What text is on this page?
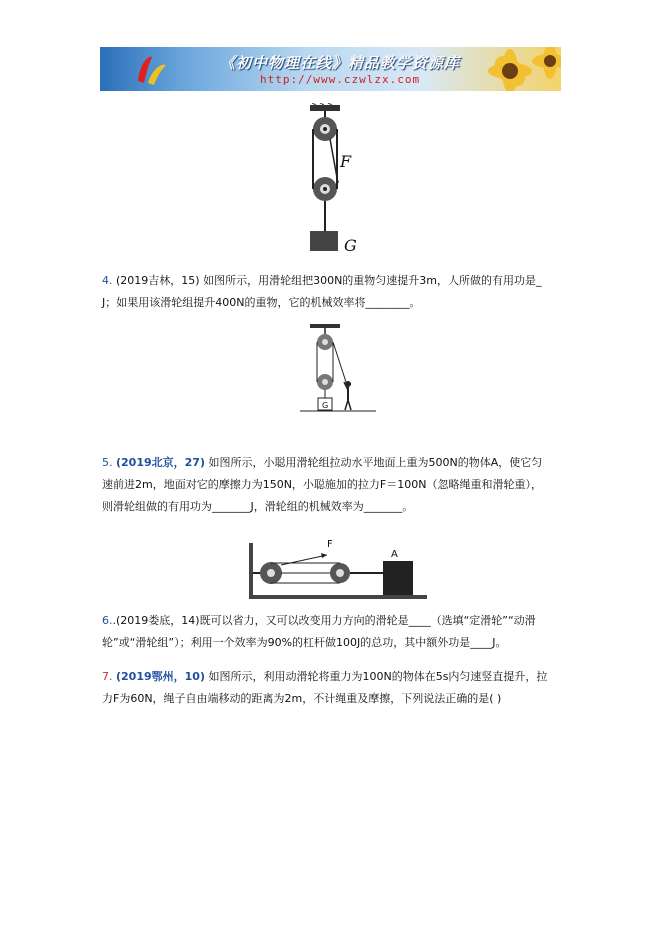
《初中物理在线》精品教学资源库
http://www.czwlzx.com
F
G
4. (2019吉林，15) 如图所示，用滑轮组把300N的重物匀速提升3m，人所做的有用功是_
J；如果用该滑轮组提升400N的重物，它的机械效率将________。
G
5. (2019北京，27) 如图所示，小聪用滑轮组拉动水平地面上重为500N的物体A，使它匀
速前进2m，地面对它的摩擦力为150N，小聪施加的拉力F＝100N（忽略绳重和滑轮重），
则滑轮组做的有用功为_______J，滑轮组的机械效率为_______。
F
A
6..(2019娄底，14)既可以省力，又可以改变用力方向的滑轮是____（选填“定滑轮”“动滑
轮”或“滑轮组”）；利用一个效率为90%的杠杆做100J的总功，其中额外功是____J。
7. (2019鄂州，10) 如图所示，利用动滑轮将重力为100N的物体在5s内匀速竖直提升，拉
力F为60N，绳子自由端移动的距离为2m，不计绳重及摩擦，下列说法正确的是( )
